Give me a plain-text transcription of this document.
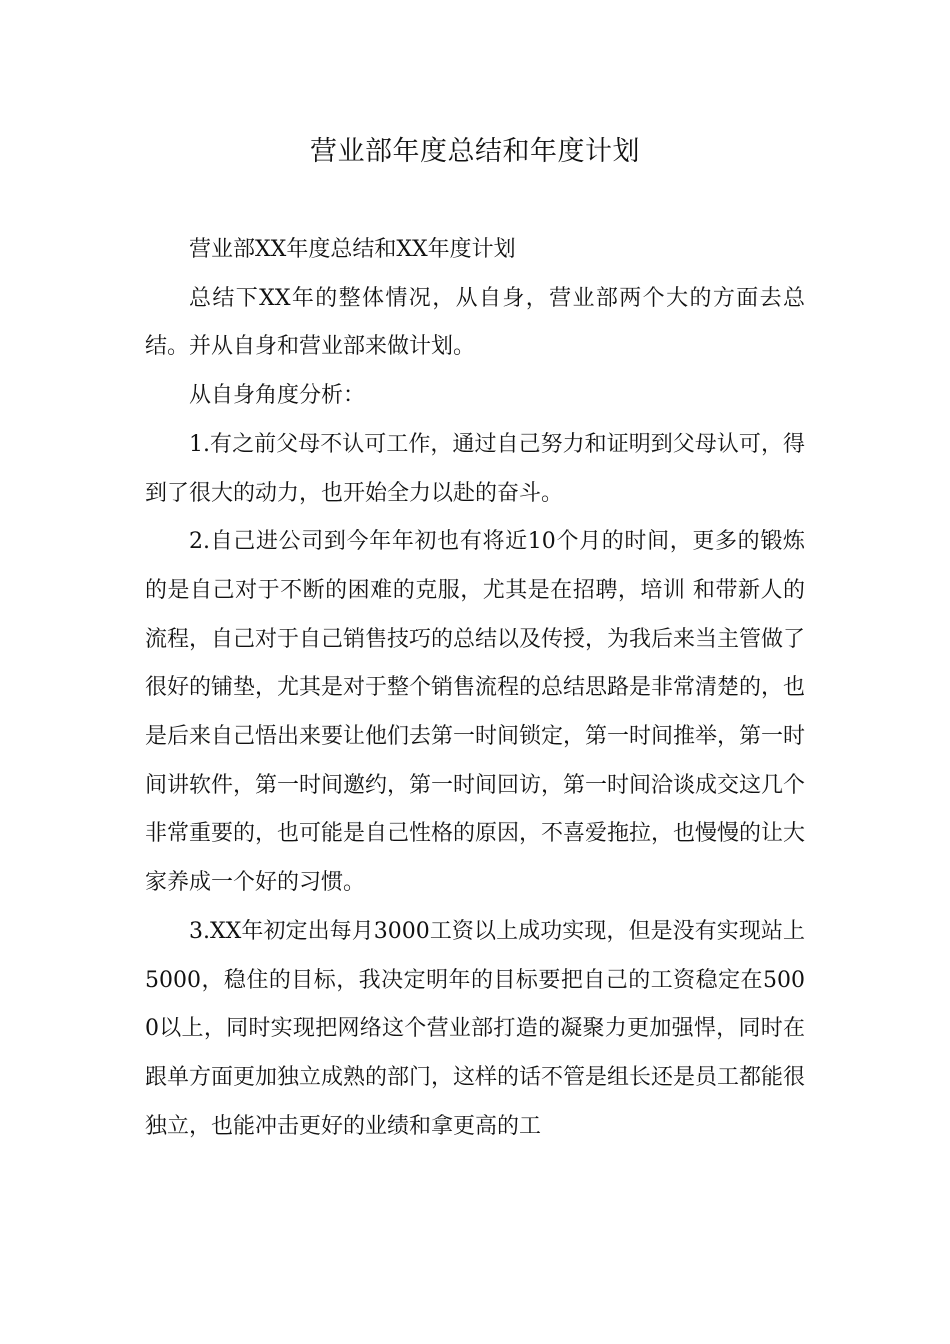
营业部年度总结和年度计划

营业部XX年度总结和XX年度计划

总结下XX年的整体情况，从自身，营业部两个大的方面去总结。并从自身和营业部来做计划。

从自身角度分析：

1.有之前父母不认可工作，通过自己努力和证明到父母认可，得到了很大的动力，也开始全力以赴的奋斗。

2.自己进公司到今年年初也有将近10个月的时间，更多的锻炼的是自己对于不断的困难的克服，尤其是在招聘，培训 和带新人的流程，自己对于自己销售技巧的总结以及传授，为我后来当主管做了很好的铺垫，尤其是对于整个销售流程的总结思路是非常清楚的，也是后来自己悟出来要让他们去第一时间锁定，第一时间推举，第一时间讲软件，第一时间邀约，第一时间回访，第一时间洽谈成交这几个非常重要的，也可能是自己性格的原因，不喜爱拖拉，也慢慢的让大家养成一个好的习惯。

3.XX年初定出每月3000工资以上成功实现，但是没有实现站上5000，稳住的目标，我决定明年的目标要把自己的工资稳定在5000以上，同时实现把网络这个营业部打造的凝聚力更加强悍，同时在跟单方面更加独立成熟的部门，这样的话不管是组长还是员工都能很独立，也能冲击更好的业绩和拿更高的工
